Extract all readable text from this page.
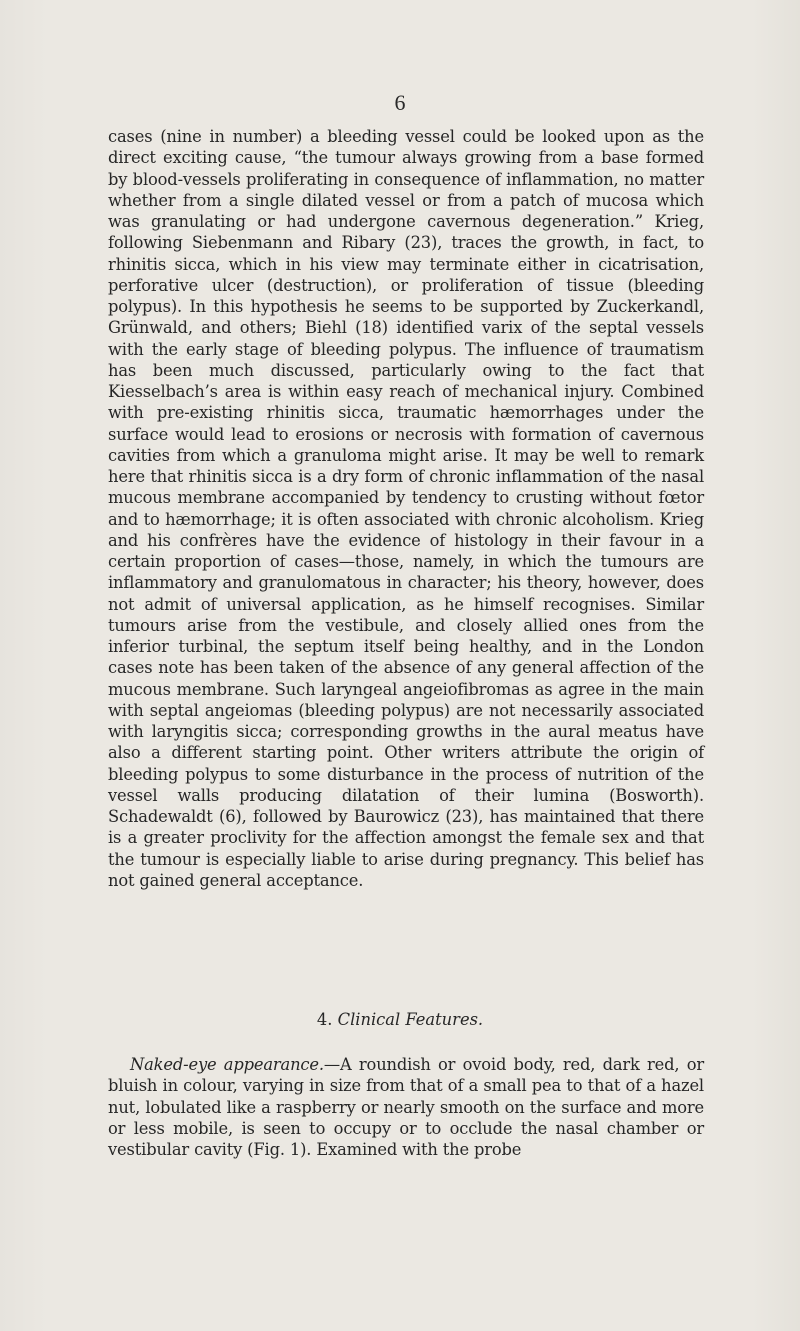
6

cases (nine in number) a bleeding vessel could be looked upon as the direct exciting cause, “the tumour always growing from a base formed by blood-vessels proliferating in consequence of inflammation, no matter whether from a single dilated vessel or from a patch of mucosa which was granulating or had undergone cavernous degeneration.” Krieg, following Siebenmann and Ribary (23), traces the growth, in fact, to rhinitis sicca, which in his view may terminate either in cicatrisation, perforative ulcer (destruction), or proliferation of tissue (bleeding polypus). In this hypothesis he seems to be supported by Zuckerkandl, Grünwald, and others; Biehl (18) identified varix of the septal vessels with the early stage of bleeding polypus. The influence of traumatism has been much discussed, particularly owing to the fact that Kiesselbach’s area is within easy reach of mechanical injury. Combined with pre-existing rhinitis sicca, traumatic hæmorrhages under the surface would lead to erosions or necrosis with formation of cavernous cavities from which a granuloma might arise. It may be well to remark here that rhinitis sicca is a dry form of chronic inflammation of the nasal mucous membrane accompanied by tendency to crusting without fœtor and to hæmorrhage; it is often associated with chronic alcoholism. Krieg and his confrères have the evidence of histology in their favour in a certain proportion of cases—those, namely, in which the tumours are inflammatory and granulomatous in character; his theory, however, does not admit of universal application, as he himself recognises. Similar tumours arise from the vestibule, and closely allied ones from the inferior turbinal, the septum itself being healthy, and in the London cases note has been taken of the absence of any general affection of the mucous membrane. Such laryngeal angeiofibromas as agree in the main with septal angeiomas (bleeding polypus) are not necessarily associated with laryngitis sicca; corresponding growths in the aural meatus have also a different starting point. Other writers attribute the origin of bleeding polypus to some disturbance in the process of nutrition of the vessel walls producing dilatation of their lumina (Bosworth). Schadewaldt (6), followed by Baurowicz (23), has maintained that there is a greater proclivity for the affection amongst the female sex and that the tumour is especially liable to arise during pregnancy. This belief has not gained general acceptance.

4. Clinical Features.

Naked-eye appearance.—A roundish or ovoid body, red, dark red, or bluish in colour, varying in size from that of a small pea to that of a hazel nut, lobulated like a raspberry or nearly smooth on the surface and more or less mobile, is seen to occupy or to occlude the nasal chamber or vestibular cavity (Fig. 1). Examined with the probe
